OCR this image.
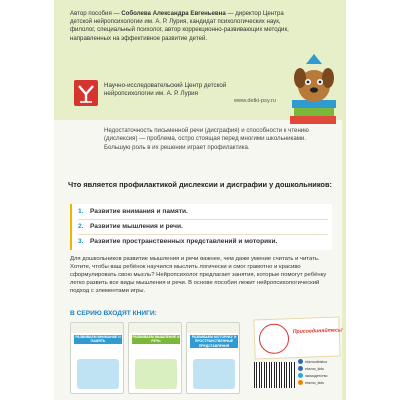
Автор пособия — Соболева Александра Евгеньевна — директор Центра детской нейропсихологии им. А. Р. Лурия, кандидат психологических наук, филолог, специальный психолог, автор коррекционно-развивающих методик, направленных на эффективное развитие детей.
Научно-исследовательский Центр детской нейропсихологии им. А. Р. Лурия
www.detki-psy.ru
Недостаточность письменной речи (дисграфия) и способности к чтению (дислексия) — проблема, остро стоящая перед многими школьниками. Большую роль в их решении играет профилактика.
Что является профилактикой дислексии и дисграфии у дошкольников:
1. Развитие внимания и памяти.
2. Развитие мышления и речи.
3. Развитие пространственных представлений и моторики.
Для дошкольников развитие мышления и речи важнее, чем даже умение считать и читать. Хотите, чтобы ваш ребёнок научился мыслить логически и смог грамотно и красиво сформулировать свою мысль? Нейропсихолог предлагает занятия, которые помогут ребёнку легко развить все виды мышления и речи. В основе пособия лежит нейропсихологический подход с элементами игры.
В СЕРИЮ ВХОДЯТ КНИГИ:
РАЗВИВАЕМ ВНИМАНИЕ И ПАМЯТЬ
РАЗВИВАЕМ МЫШЛЕНИЕ И РЕЧЬ
РАЗВИВАЕМ МОТОРИКУ И ПРОСТРАНСТВЕННЫЕ ПРЕДСТАВЛЕНИЯ
Присоединяйтесь!
eksmodetstvo
eksmo_kids
эксмодетство
eksmo_kids
